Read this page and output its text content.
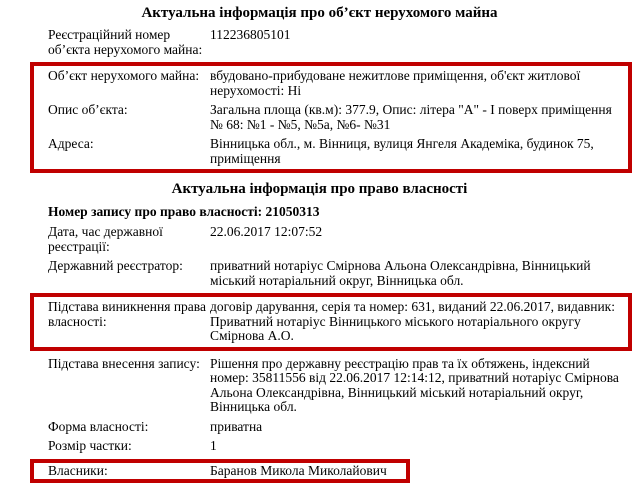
Актуальна інформація про об’єкт нерухомого майна
Реєстраційний номер об’єкта нерухомого майна:
112236805101
Об’єкт нерухомого майна: вбудовано-прибудоване нежитлове приміщення, об'єкт житлової нерухомості: Ні
Опис об’єкта:	Загальна площа (кв.м): 377.9, Опис: літера "А" - І поверх приміщення № 68: №1 - №5, №5а, №6- №31
Адреса:	Вінницька обл., м. Вінниця, вулиця Янгеля Академіка, будинок 75, приміщення
Актуальна інформація про право власності
Номер запису про право власності: 21050313
Дата, час державної реєстрації:
22.06.2017 12:07:52
Державний реєстратор:	приватний нотаріус Смірнова Альона Олександрівна, Вінницький міський нотаріальний округ, Вінницька обл.
Підстава виникнення права власності:
договір дарування, серія та номер: 631, виданий 22.06.2017, видавник: Приватний нотаріус Вінницького міського нотаріального округу Смірнова А.О.
Підстава внесення запису: Рішення про державну реєстрацію прав та їх обтяжень, індексний номер: 35811556 від 22.06.2017 12:14:12, приватний нотаріус Смірнова Альона Олександрівна, Вінницький міський нотаріальний округ, Вінницька обл.
Форма власності:	приватна
Розмір частки:	1
Власники:	Баранов Микола Миколайович
